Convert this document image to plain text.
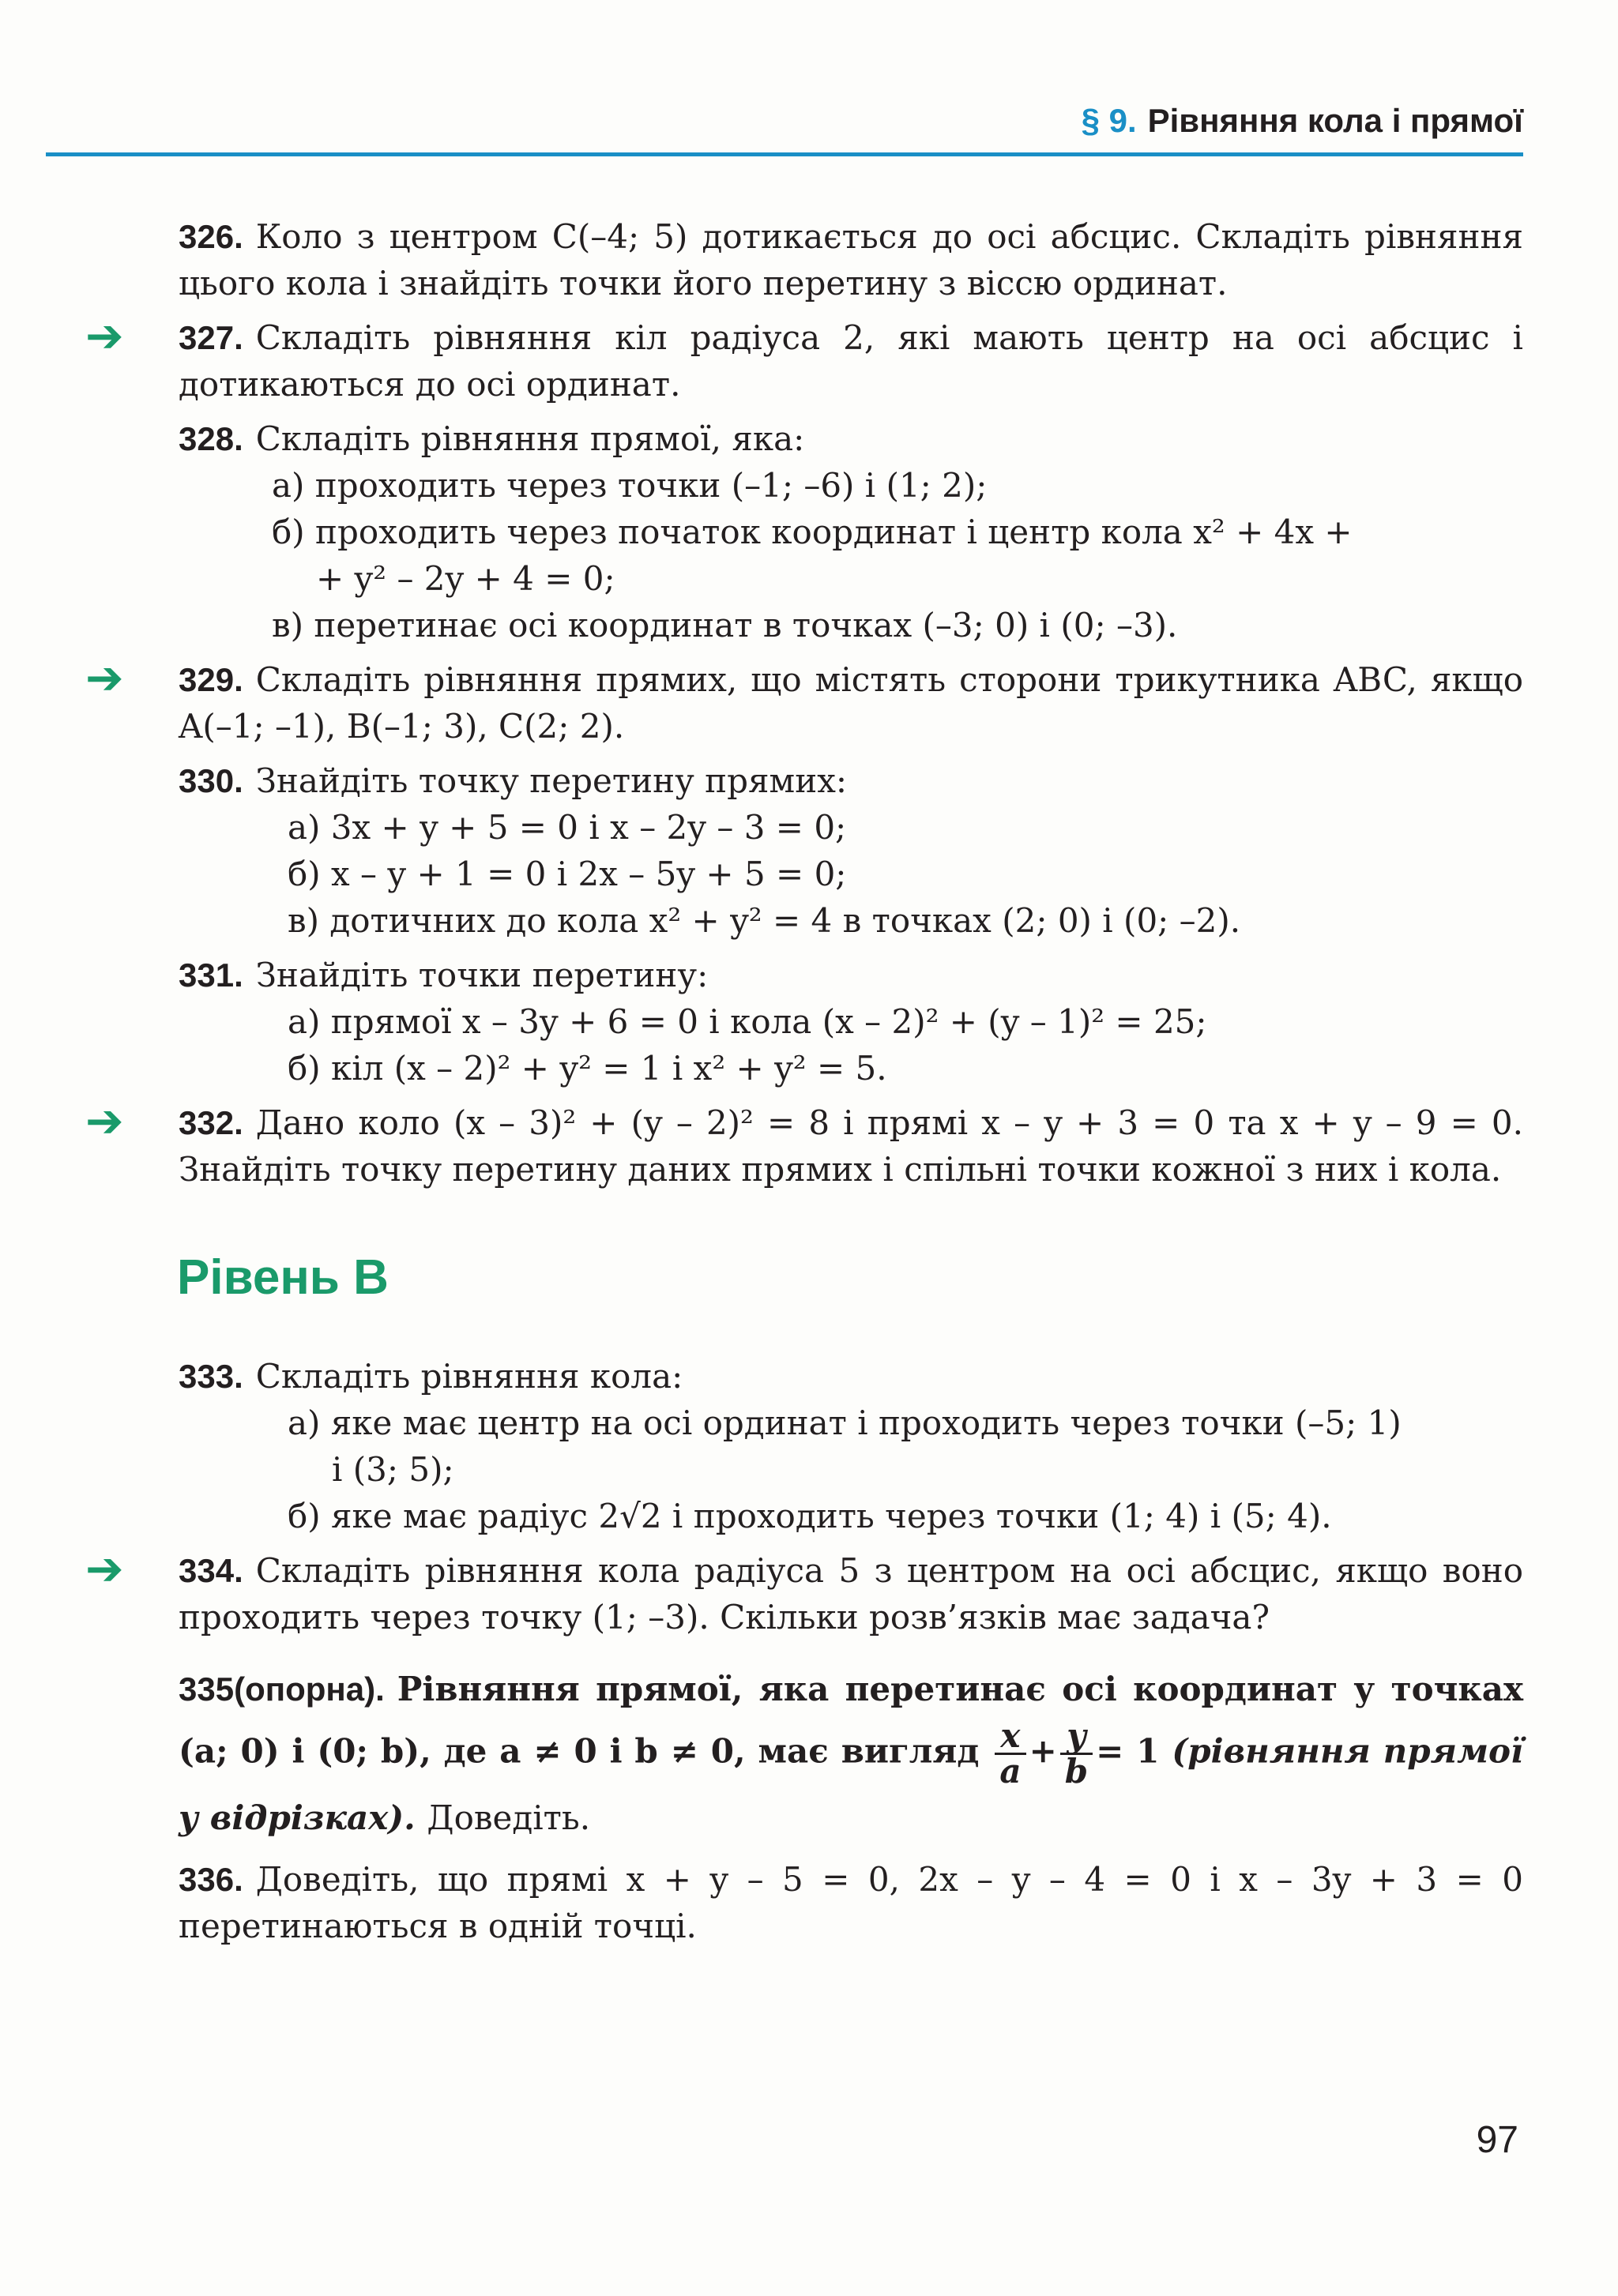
§ 9. Рівняння кола і прямої
326. Коло з центром C(–4; 5) дотикається до осі абсцис. Складіть рівняння цього кола і знайдіть точки його перетину з віссю ординат.
➔ 327. Складіть рівняння кіл радіуса 2, які мають центр на осі абсцис і дотикаються до осі ординат.
328. Складіть рівняння прямої, яка:
а) проходить через точки (–1; –6) і (1; 2);
б) проходить через початок координат і центр кола x² + 4x +
+ y² – 2y + 4 = 0;
в) перетинає осі координат в точках (–3; 0) і (0; –3).
➔ 329. Складіть рівняння прямих, що містять сторони трикутника ABC, якщо A(–1; –1), B(–1; 3), C(2; 2).
330. Знайдіть точку перетину прямих:
а) 3x + y + 5 = 0 і x – 2y – 3 = 0;
б) x – y + 1 = 0 і 2x – 5y + 5 = 0;
в) дотичних до кола x² + y² = 4 в точках (2; 0) і (0; –2).
331. Знайдіть точки перетину:
а) прямої x – 3y + 6 = 0 і кола (x – 2)² + (y – 1)² = 25;
б) кіл (x – 2)² + y² = 1 і x² + y² = 5.
➔ 332. Дано коло (x – 3)² + (y – 2)² = 8 і прямі x – y + 3 = 0 та x + y – 9 = 0. Знайдіть точку перетину даних прямих і спільні точки кожної з них і кола.
Рівень В
333. Складіть рівняння кола:
а) яке має центр на осі ординат і проходить через точки (–5; 1)
і (3; 5);
б) яке має радіус 2√2 і проходить через точки (1; 4) і (5; 4).
➔ 334. Складіть рівняння кола радіуса 5 з центром на осі абсцис, якщо воно проходить через точку (1; –3). Скільки розв’язків має задача?
335(опорна). Рівняння прямої, яка перетинає осі координат у точках (a; 0) і (0; b), де a ≠ 0 і b ≠ 0, має вигляд $\frac{x}{a} + \frac{y}{b} = 1$ (рівняння прямої у відрізках). Доведіть.
336. Доведіть, що прямі x + y – 5 = 0, 2x – y – 4 = 0 і x – 3y + 3 = 0 перетинаються в одній точці.
97
